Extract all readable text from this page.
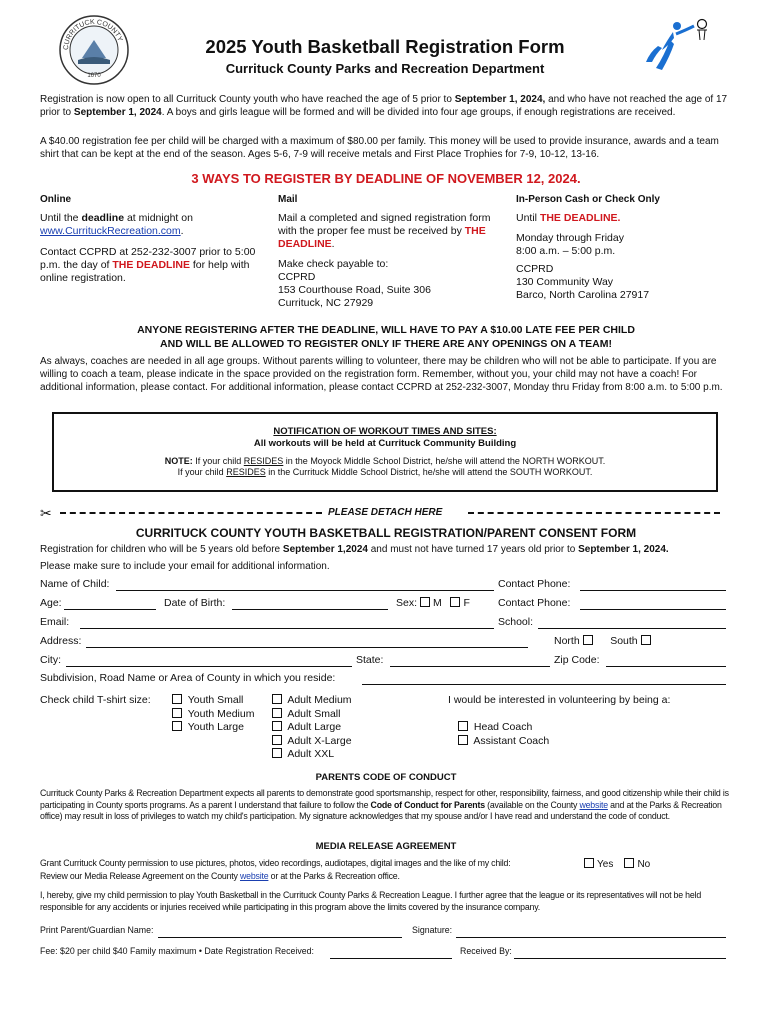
CURRITUCK COUNTY
1670
2025 Youth Basketball Registration Form
Currituck County Parks and Recreation Department
Registration is now open to all Currituck County youth who have reached the age of 5 prior to September 1, 2024, and who have not reached the age of 17 prior to September 1, 2024. A boys and girls league will be formed and will be divided into four age groups, if enough registrations are received.
A $40.00 registration fee per child will be charged with a maximum of $80.00 per family. This money will be used to provide insurance, awards and a team shirt that can be kept at the end of the season. Ages 5-6, 7-9 will receive metals and First Place Trophies for 7-9, 10-12, 13-16.
3 WAYS TO REGISTER BY DEADLINE OF NOVEMBER 12, 2024.
Online
Until the deadline at midnight on
www.CurrituckRecreation.com.
Contact CCPRD at 252-232-3007 prior to 5:00 p.m. the day of THE DEADLINE for help with online registration.
Mail
Mail a completed and signed registration form with the proper fee must be received by THE DEADLINE.
Make check payable to:
CCPRD
153 Courthouse Road, Suite 306
Currituck, NC 27929
In-Person Cash or Check Only
Until THE DEADLINE.
Monday through Friday
8:00 a.m. – 5:00 p.m.
CCPRD
130 Community Way
Barco, North Carolina 27917
ANYONE REGISTERING AFTER THE DEADLINE, WILL HAVE TO PAY A $10.00 LATE FEE PER CHILD
AND WILL BE ALLOWED TO REGISTER ONLY IF THERE ARE ANY OPENINGS ON A TEAM!
As always, coaches are needed in all age groups. Without parents willing to volunteer, there may be children who will not be able to participate. If you are willing to coach a team, please indicate in the space provided on the registration form. Remember, without you, your child may not have a coach! For additional information, please contact. For additional information, please contact CCPRD at 252-232-3007, Monday thru Friday from 8:00 a.m. to 5:00 p.m.
NOTIFICATION OF WORKOUT TIMES AND SITES:
All workouts will be held at Currituck Community Building
NOTE: If your child RESIDES in the Moyock Middle School District, he/she will attend the NORTH WORKOUT.
If your child RESIDES in the Currituck Middle School District, he/she will attend the SOUTH WORKOUT.
✂	PLEASE DETACH HERE
CURRITUCK COUNTY YOUTH BASKETBALL REGISTRATION/PARENT CONSENT FORM
Registration for children who will be 5 years old before September 1,2024 and must not have turned 17 years old prior to September 1, 2024.
Please make sure to include your email for additional information.
Name of Child:	Contact Phone:
Age:	Date of Birth:	Sex: M F	Contact Phone:
Email:	School:
Address:	North	South
City:	State:	Zip Code:
Subdivision, Road Name or Area of County in which you reside:
Check child T-shirt size:	Youth Small
Youth Medium
Youth Large
Adult Medium
Adult Small
Adult Large
Adult X-Large
Adult XXL
I would be interested in volunteering by being a:
Head Coach
Assistant Coach
PARENTS CODE OF CONDUCT
Currituck County Parks & Recreation Department expects all parents to demonstrate good sportsmanship, respect for other, responsibility, fairness, and good citizenship while their child is participating in County sports programs. As a parent I understand that failure to follow the Code of Conduct for Parents (available on the County website and at the Parks & Recreation office) may result in loss of privileges to watch my child's participation. My signature acknowledges that my spouse and/or I have read and understand the code of conduct.
MEDIA RELEASE AGREEMENT
Grant Currituck County permission to use pictures, photos, video recordings, audiotapes, digital images and the like of my child:
Review our Media Release Agreement on the County website or at the Parks & Recreation office.
Yes No
I, hereby, give my child permission to play Youth Basketball in the Currituck County Parks & Recreation League. I further agree that the league or its representatives will not be held responsible for any accidents or injuries received while participating in this program above the limits covered by the insurance company.
Print Parent/Guardian Name:	Signature:
Fee: $20 per child $40 Family maximum • Date Registration Received:	Received By:
